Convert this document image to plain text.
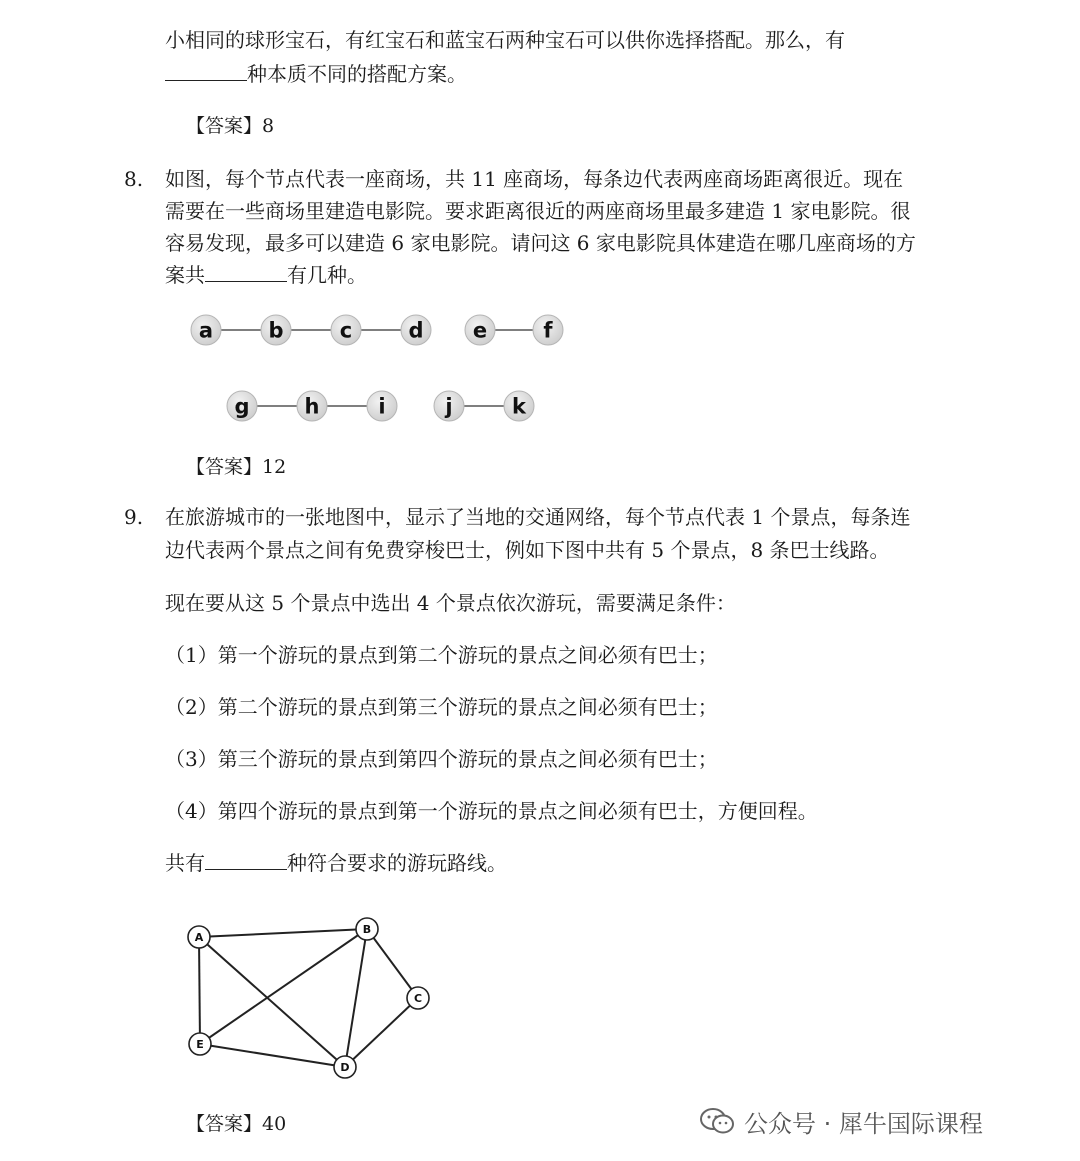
小相同的球形宝石，有红宝石和蓝宝石两种宝石可以供你选择搭配。那么，有
种本质不同的搭配方案。
【答案】8
8. 如图，每个节点代表一座商场，共 11 座商场，每条边代表两座商场距离很近。现在
需要在一些商场里建造电影院。要求距离很近的两座商场里最多建造 1 家电影院。很
容易发现，最多可以建造 6 家电影院。请问这 6 家电影院具体建造在哪几座商场的方
案共	有几种。
a	b	c	d e	f
g	h	i	j	k
【答案】12
9. 在旅游城市的一张地图中，显示了当地的交通网络，每个节点代表 1 个景点，每条连
边代表两个景点之间有免费穿梭巴士，例如下图中共有 5 个景点，8 条巴士线路。
现在要从这 5 个景点中选出 4 个景点依次游玩，需要满足条件：
（1）第一个游玩的景点到第二个游玩的景点之间必须有巴士；
（2）第二个游玩的景点到第三个游玩的景点之间必须有巴士；
（3）第三个游玩的景点到第四个游玩的景点之间必须有巴士；
（4）第四个游玩的景点到第一个游玩的景点之间必须有巴士，方便回程。
共有	种符合要求的游玩路线。
A
B
C
D
E
【答案】40	公众号 · 犀牛国际课程
